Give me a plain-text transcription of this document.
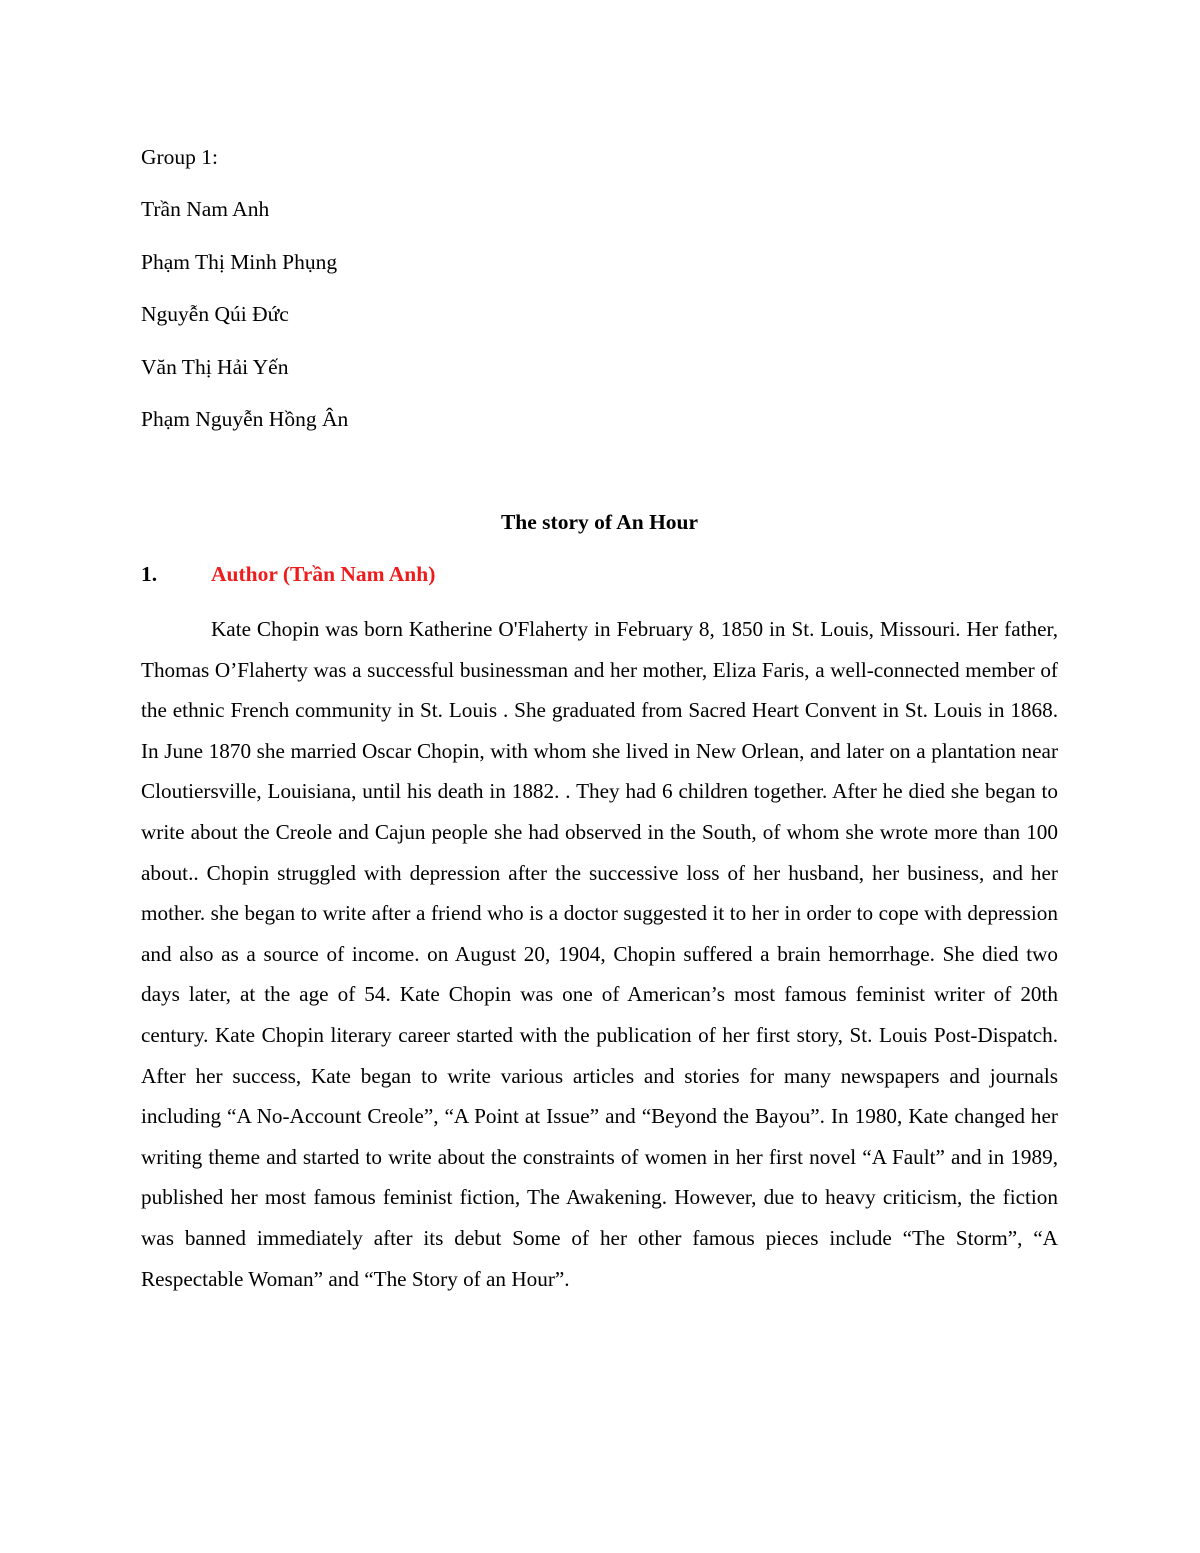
Group 1:
Trần Nam Anh
Phạm Thị Minh Phụng
Nguyễn Qúi Đức
Văn Thị Hải Yến
Phạm Nguyễn Hồng Ân
The story of An Hour
1.	Author (Trần Nam Anh)

Kate Chopin was born Katherine O'Flaherty in February 8, 1850 in St. Louis, Missouri. Her father, Thomas O’Flaherty was a successful businessman and her mother, Eliza Faris, a well-connected member of the ethnic French community in St. Louis . She graduated from Sacred Heart Convent in St. Louis in 1868. In June 1870 she married Oscar Chopin, with whom she lived in New Orlean, and later on a plantation near Cloutiersville, Louisiana, until his death in 1882. . They had 6 children together. After he died she began to write about the Creole and Cajun people she had observed in the South, of whom she wrote more than 100 about.. Chopin struggled with depression after the successive loss of her husband, her business, and her mother. she began to write after a friend who is a doctor suggested it to her in order to cope with depression and also as a source of income. on August 20, 1904, Chopin suffered a brain hemorrhage. She died two days later, at the age of 54. Kate Chopin was one of American’s most famous feminist writer of 20th century. Kate Chopin literary career started with the publication of her first story, St. Louis Post-Dispatch. After her success, Kate began to write various articles and stories for many newspapers and journals including “A No-Account Creole”, “A Point at Issue” and “Beyond the Bayou”. In 1980, Kate changed her writing theme and started to write about the constraints of women in her first novel “A Fault” and in 1989, published her most famous feminist fiction, The Awakening. However, due to heavy criticism, the fiction was banned immediately after its debut Some of her other famous pieces include “The Storm”, “A Respectable Woman” and “The Story of an Hour”.
